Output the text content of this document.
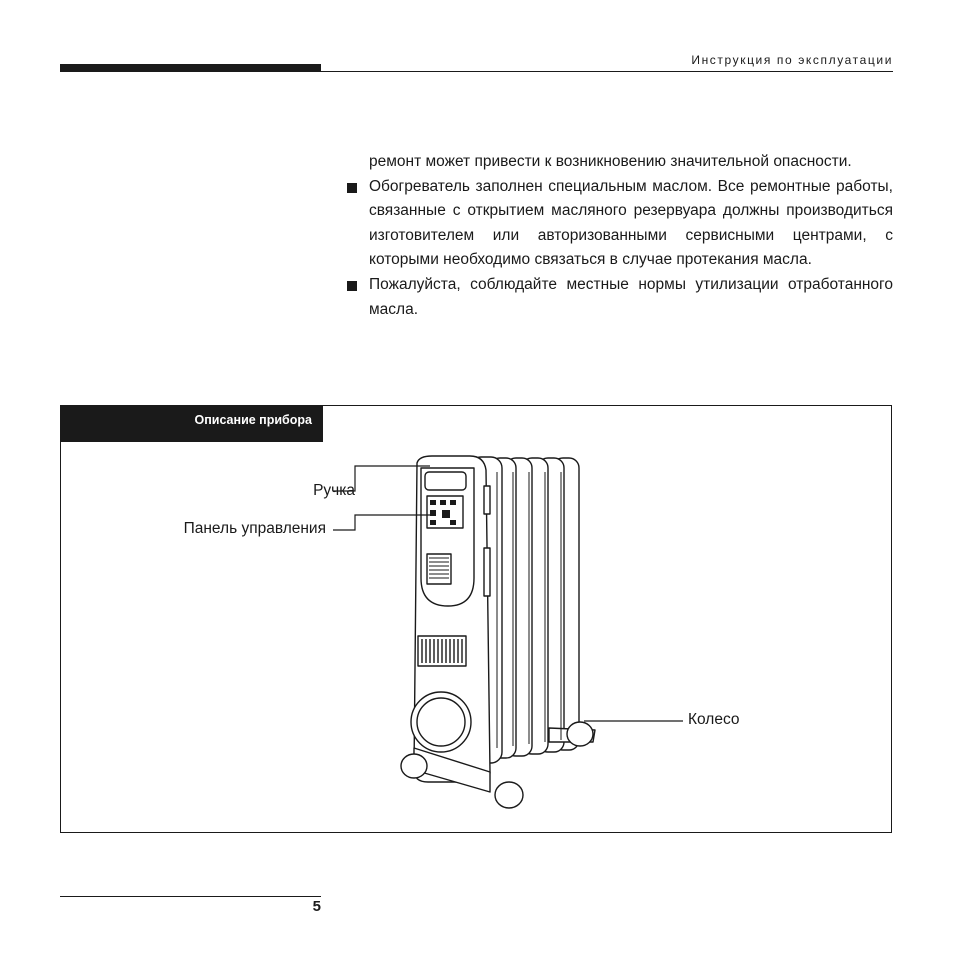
Инструкция по эксплуатации
ремонт может привести к возникновению значительной опасности.
Обогреватель заполнен специальным маслом. Все ремонтные работы, связанные с открытием масляного резервуара должны производиться изготовителем или авторизованными сервисными центрами, с которыми необходимо связаться в случае протекания масла.
Пожалуйста, соблюдайте местные нормы утилизации отработанного масла.
Описание прибора
Ручка
Панель управления
Колесо
5
